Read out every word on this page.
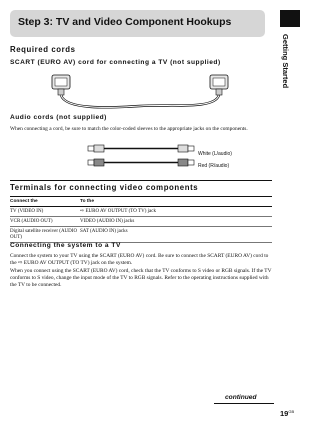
Step 3: TV and Video Component Hookups
Getting Started
Required cords
SCART (EURO AV) cord for connecting a TV (not supplied)
Audio cords (not supplied)
When connecting a cord, be sure to match the color-coded sleeves to the appropriate jacks on the components.
White (L/audio)
Red (R/audio)
Terminals for connecting video components
Connect the	To the
TV (VIDEO IN)	⇨ EURO AV OUTPUT (TO TV) jack
VCR (AUDIO OUT)	VIDEO (AUDIO IN) jacks
Digital satellite receiver (AUDIO OUT)	SAT (AUDIO IN) jacks
Connecting the system to a TV
Connect the system to your TV using the SCART (EURO AV) cord. Be sure to connect the SCART (EURO AV) cord to the ⇨ EURO AV OUTPUT (TO TV) jack on the system.
When you connect using the SCART (EURO AV) cord, check that the TV conforms to S video or RGB signals. If the TV conforms to S video, change the input mode of the TV to RGB signals. Refer to the operating instructions supplied with the TV to be connected.
continued
$19^{GB}$
